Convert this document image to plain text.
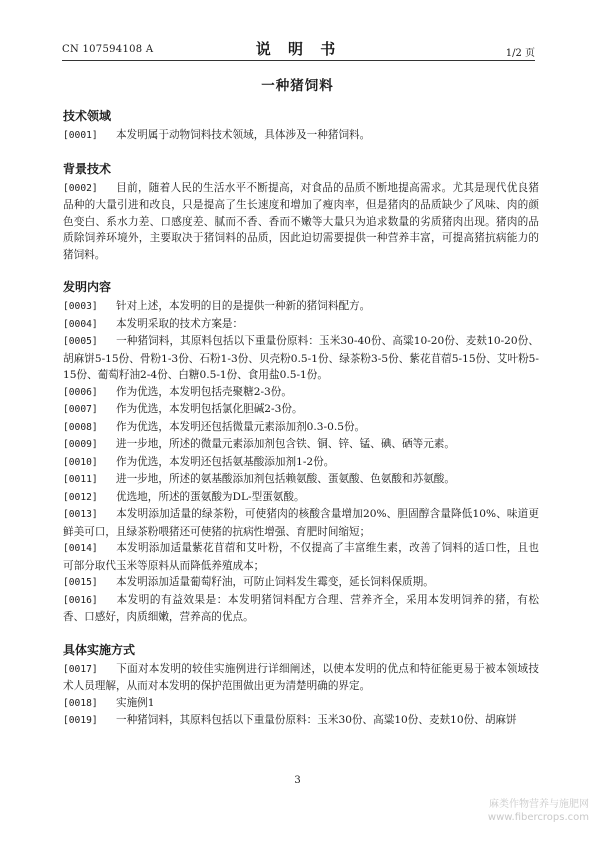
CN 107594108 A	说 明 书	1/2 页
一种猪饲料
技术领域

[0001] 本发明属于动物饲料技术领域，具体涉及一种猪饲料。

背景技术

[0002] 目前，随着人民的生活水平不断提高，对食品的品质不断地提高需求。尤其是现代优良猪品种的大量引进和改良，只是提高了生长速度和增加了瘦肉率，但是猪肉的品质缺少了风味、肉的颜色变白、系水力差、口感度差、腻而不香、香而不嫩等大量只为追求数量的劣质猪肉出现。猪肉的品质除饲养环境外，主要取决于猪饲料的品质，因此迫切需要提供一种营养丰富，可提高猪抗病能力的猪饲料。

发明内容

[0003] 针对上述，本发明的目的是提供一种新的猪饲料配方。

[0004] 本发明采取的技术方案是：

[0005] 一种猪饲料，其原料包括以下重量份原料：玉米30-40份、高粱10-20份、麦麸10-20份、胡麻饼5-15份、骨粉1-3份、石粉1-3份、贝壳粉0.5-1份、绿茶粉3-5份、紫花苜蓿5-15份、艾叶粉5-15份、葡萄籽油2-4份、白糖0.5-1份、食用盐0.5-1份。

[0006] 作为优选，本发明包括壳聚糖2-3份。

[0007] 作为优选，本发明包括氯化胆碱2-3份。

[0008] 作为优选，本发明还包括微量元素添加剂0.3-0.5份。

[0009] 进一步地，所述的微量元素添加剂包含铁、铜、锌、锰、碘、硒等元素。

[0010] 作为优选，本发明还包括氨基酸添加剂1-2份。

[0011] 进一步地，所述的氨基酸添加剂包括赖氨酸、蛋氨酸、色氨酸和苏氨酸。

[0012] 优选地，所述的蛋氨酸为DL-型蛋氨酸。

[0013] 本发明添加适量的绿茶粉，可使猪肉的核酸含量增加20%、胆固醇含量降低10%、味道更鲜美可口，且绿茶粉喂猪还可使猪的抗病性增强、育肥时间缩短；

[0014] 本发明添加适量紫花苜蓿和艾叶粉，不仅提高了丰富维生素，改善了饲料的适口性，且也可部分取代玉米等原料从而降低养殖成本；

[0015] 本发明添加适量葡萄籽油，可防止饲料发生霉变，延长饲料保质期。

[0016] 本发明的有益效果是：本发明猪饲料配方合理、营养齐全，采用本发明饲养的猪，有松香、口感好，肉质细嫩，营养高的优点。

具体实施方式

[0017] 下面对本发明的较佳实施例进行详细阐述，以使本发明的优点和特征能更易于被本领域技术人员理解，从而对本发明的保护范围做出更为清楚明确的界定。

[0018] 实施例1

[0019] 一种猪饲料，其原料包括以下重量份原料：玉米30份、高粱10份、麦麸10份、胡麻饼

3
麻类作物营养与施肥网
www.fibercrops.com
